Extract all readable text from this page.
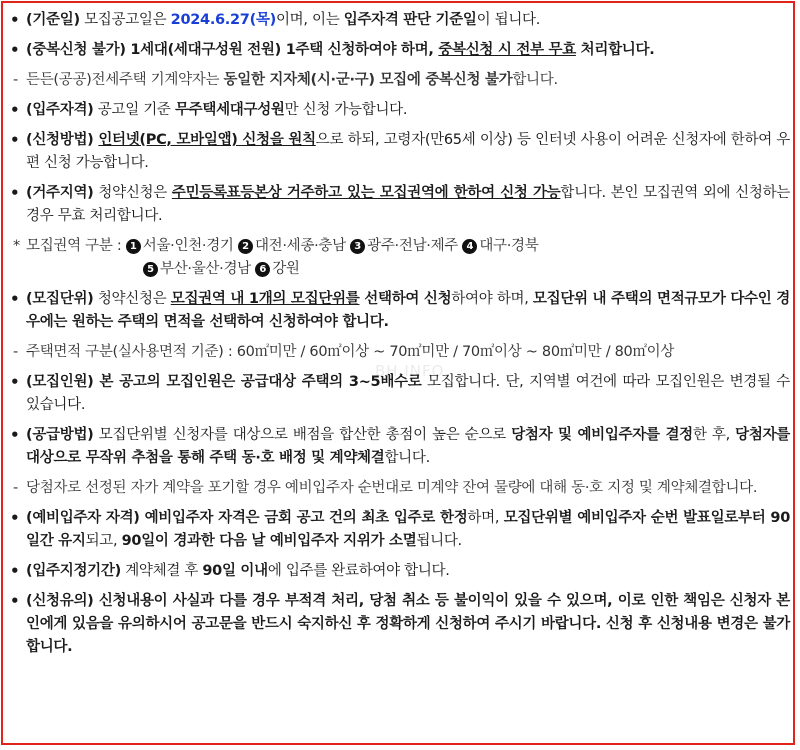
BH INFO
• (기준일) 모집공고일은 2024.6.27(목)이며, 이는 입주자격 판단 기준일이 됩니다.
• (중복신청 불가) 1세대(세대구성원 전원) 1주택 신청하여야 하며, 중복신청 시 전부 무효 처리합니다.
- 든든(공공)전세주택 기계약자는 동일한 지자체(시·군·구) 모집에 중복신청 불가합니다.
• (입주자격) 공고일 기준 무주택세대구성원만 신청 가능합니다.
• (신청방법) 인터넷(PC, 모바일앱) 신청을 원칙으로 하되, 고령자(만65세 이상) 등 인터넷 사용이 어려운 신청자에 한하여 우편 신청 가능합니다.
• (거주지역) 청약신청은 주민등록표등본상 거주하고 있는 모집권역에 한하여 신청 가능합니다. 본인 모집권역 외에 신청하는 경우 무효 처리합니다.
* 모집권역 구분 : 1 서울·인천·경기 2 대전·세종·충남 3 광주·전남·제주 4 대구·경북
5 부산·울산·경남 6 강원
• (모집단위) 청약신청은 모집권역 내 1개의 모집단위를 선택하여 신청하여야 하며, 모집단위 내 주택의 면적규모가 다수인 경우에는 원하는 주택의 면적을 선택하여 신청하여야 합니다.
- 주택면적 구분(실사용면적 기준) : 60㎡미만 / 60㎡이상 ~ 70㎡미만 / 70㎡이상 ~ 80㎡미만 / 80㎡이상
• (모집인원) 본 공고의 모집인원은 공급대상 주택의 3~5배수로 모집합니다. 단, 지역별 여건에 따라 모집인원은 변경될 수 있습니다.
• (공급방법) 모집단위별 신청자를 대상으로 배점을 합산한 총점이 높은 순으로 당첨자 및 예비입주자를 결정한 후, 당첨자를 대상으로 무작위 추첨을 통해 주택 동·호 배정 및 계약체결합니다.
- 당첨자로 선정된 자가 계약을 포기할 경우 예비입주자 순번대로 미계약 잔여 물량에 대해 동·호 지정 및 계약체결합니다.
• (예비입주자 자격) 예비입주자 자격은 금회 공고 건의 최초 입주로 한정하며, 모집단위별 예비입주자 순번 발표일로부터 90일간 유지되고, 90일이 경과한 다음 날 예비입주자 지위가 소멸됩니다.
• (입주지정기간) 계약체결 후 90일 이내에 입주를 완료하여야 합니다.
• (신청유의) 신청내용이 사실과 다를 경우 부적격 처리, 당첨 취소 등 불이익이 있을 수 있으며, 이로 인한 책임은 신청자 본인에게 있음을 유의하시어 공고문을 반드시 숙지하신 후 정확하게 신청하여 주시기 바랍니다. 신청 후 신청내용 변경은 불가합니다.
